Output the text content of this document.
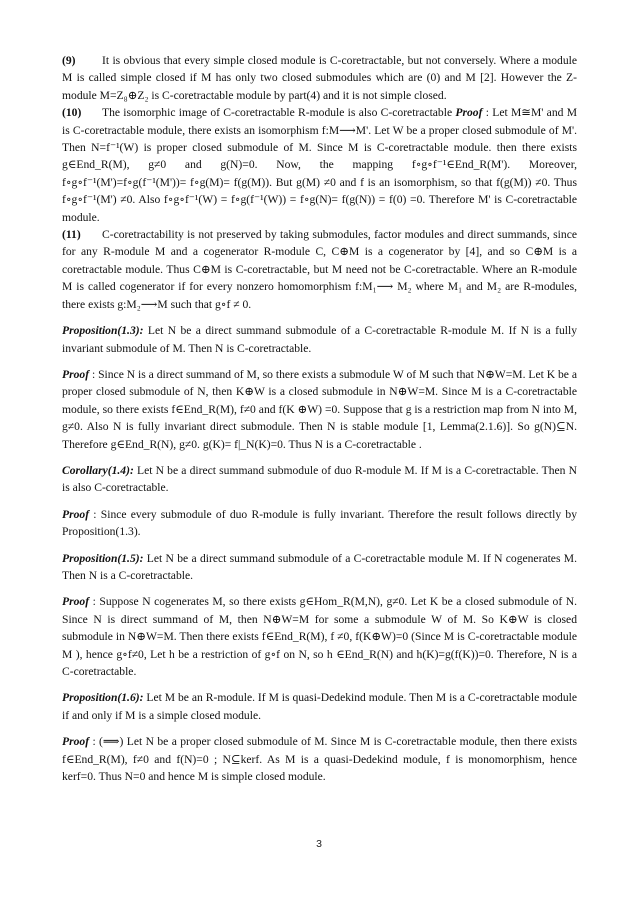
(9) It is obvious that every simple closed module is C-coretractable, but not conversely. Where a module M is called simple closed if M has only two closed submodules which are (0) and M [2]. However the Z-module M=Z₈⊕Z₂ is C-coretractable module by part(4) and it is not simple closed.

(10) The isomorphic image of C-coretractable R-module is also C-coretractable Proof : Let M≅M' and M is C-coretractable module, there exists an isomorphism f:M⟶M'. Let W be a proper closed submodule of M'. Then N=f⁻¹(W) is proper closed submodule of M. Since M is C-coretractable module. then there exists g∈End_R(M), g≠0 and g(N)=0. Now, the mapping f∘g∘f⁻¹∈End_R(M'). Moreover, f∘g∘f⁻¹(M')=f∘g(f⁻¹(M'))= f∘g(M)= f(g(M)). But g(M) ≠0 and f is an isomorphism, so that f(g(M)) ≠0. Thus f∘g∘f⁻¹(M') ≠0. Also f∘g∘f⁻¹(W) = f∘g(f⁻¹(W)) = f∘g(N)= f(g(N)) = f(0) =0. Therefore M' is C-coretractable module.

(11) C-coretractability is not preserved by taking submodules, factor modules and direct summands, since for any R-module M and a cogenerator R-module C, C⊕M is a cogenerator by [4], and so C⊕M is a coretractable module. Thus C⊕M is C-coretractable, but M need not be C-coretractable. Where an R-module M is called cogenerator if for every nonzero homomorphism f:M₁⟶ M₂ where M₁ and M₂ are R-modules, there exists g:M₂⟶M such that g∘f ≠ 0.

Proposition(1.3): Let N be a direct summand submodule of a C-coretractable R-module M. If N is a fully invariant submodule of M. Then N is C-coretractable.

Proof : Since N is a direct summand of M, so there exists a submodule W of M such that N⊕W=M. Let K be a proper closed submodule of N, then K⊕W is a closed submodule in N⊕W=M. Since M is a C-coretractable module, so there exists f∈End_R(M), f≠0 and f(K ⊕W) =0. Suppose that g is a restriction map from N into M, g≠0. Also N is fully invariant direct submodule. Then N is stable module [1, Lemma(2.1.6)]. So g(N)⊆N. Therefore g∈End_R(N), g≠0. g(K)= f|_N(K)=0. Thus N is a C-coretractable .

Corollary(1.4): Let N be a direct summand submodule of duo R-module M. If M is a C-coretractable. Then N is also C-coretractable.

Proof : Since every submodule of duo R-module is fully invariant. Therefore the result follows directly by Proposition(1.3).

Proposition(1.5): Let N be a direct summand submodule of a C-coretractable module M. If N cogenerates M. Then N is a C-coretractable.

Proof : Suppose N cogenerates M, so there exists g∈Hom_R(M,N), g≠0. Let K be a closed submodule of N. Since N is direct summand of M, then N⊕W=M for some a submodule W of M. So K⊕W is closed submodule in N⊕W=M. Then there exists f∈End_R(M), f ≠0, f(K⊕W)=0 (Since M is C-coretractable module M ), hence g∘f≠0, Let h be a restriction of g∘f on N, so h ∈End_R(N) and h(K)=g(f(K))=0. Therefore, N is a C-coretractable.

Proposition(1.6): Let M be an R-module. If M is quasi-Dedekind module. Then M is a C-coretractable module if and only if M is a simple closed module.

Proof : (⟹) Let N be a proper closed submodule of M. Since M is C-coretractable module, then there exists f∈End_R(M), f≠0 and f(N)=0 ; N⊆kerf. As M is a quasi-Dedekind module, f is monomorphism, hence kerf=0. Thus N=0 and hence M is simple closed module.

3
